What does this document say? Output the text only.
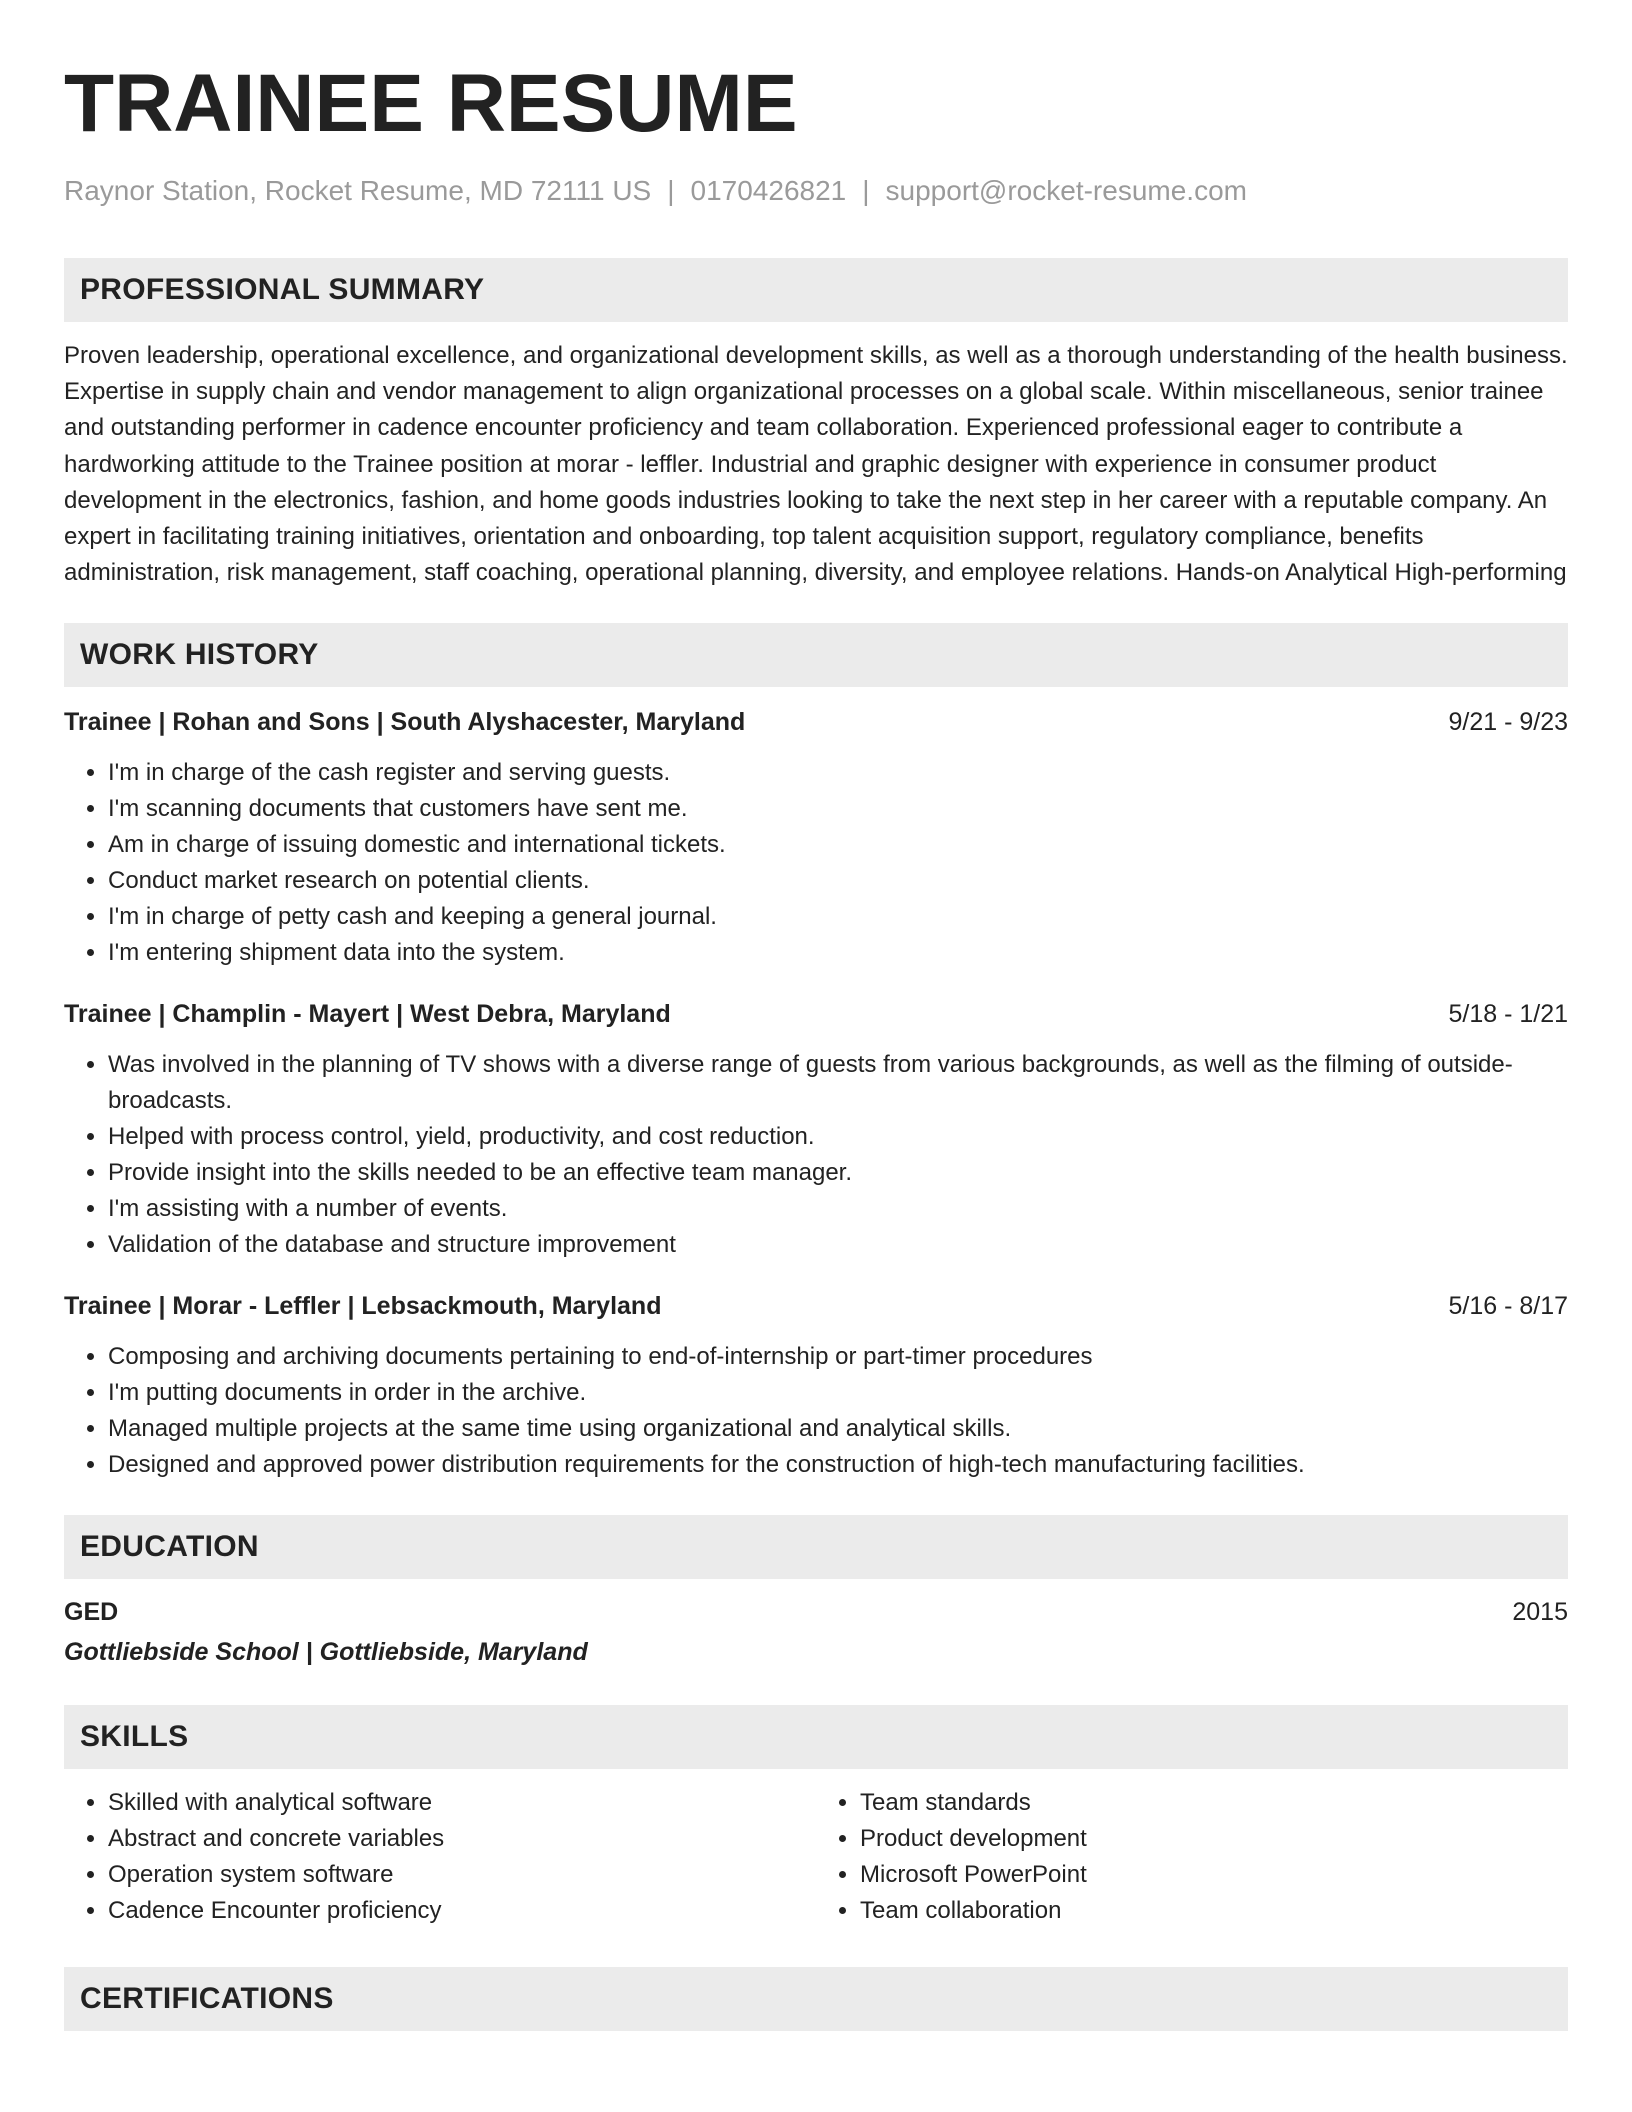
TRAINEE RESUME
Raynor Station, Rocket Resume, MD 72111 US | 0170426821 | support@rocket-resume.com
PROFESSIONAL SUMMARY
Proven leadership, operational excellence, and organizational development skills, as well as a thorough understanding of the health business. Expertise in supply chain and vendor management to align organizational processes on a global scale. Within miscellaneous, senior trainee and outstanding performer in cadence encounter proficiency and team collaboration. Experienced professional eager to contribute a hardworking attitude to the Trainee position at morar - leffler. Industrial and graphic designer with experience in consumer product development in the electronics, fashion, and home goods industries looking to take the next step in her career with a reputable company. An expert in facilitating training initiatives, orientation and onboarding, top talent acquisition support, regulatory compliance, benefits administration, risk management, staff coaching, operational planning, diversity, and employee relations. Hands-on Analytical High-performing
WORK HISTORY
Trainee | Rohan and Sons | South Alyshacester, Maryland	9/21 - 9/23
• I'm in charge of the cash register and serving guests.
• I'm scanning documents that customers have sent me.
• Am in charge of issuing domestic and international tickets.
• Conduct market research on potential clients.
• I'm in charge of petty cash and keeping a general journal.
• I'm entering shipment data into the system.
Trainee | Champlin - Mayert | West Debra, Maryland	5/18 - 1/21
• Was involved in the planning of TV shows with a diverse range of guests from various backgrounds, as well as the filming of outside-broadcasts.
• Helped with process control, yield, productivity, and cost reduction.
• Provide insight into the skills needed to be an effective team manager.
• I'm assisting with a number of events.
• Validation of the database and structure improvement
Trainee | Morar - Leffler | Lebsackmouth, Maryland	5/16 - 8/17
• Composing and archiving documents pertaining to end-of-internship or part-timer procedures
• I'm putting documents in order in the archive.
• Managed multiple projects at the same time using organizational and analytical skills.
• Designed and approved power distribution requirements for the construction of high-tech manufacturing facilities.
EDUCATION
GED	2015
Gottliebside School | Gottliebside, Maryland
SKILLS
• Skilled with analytical software
• Abstract and concrete variables
• Operation system software
• Cadence Encounter proficiency
• Team standards
• Product development
• Microsoft PowerPoint
• Team collaboration
CERTIFICATIONS
